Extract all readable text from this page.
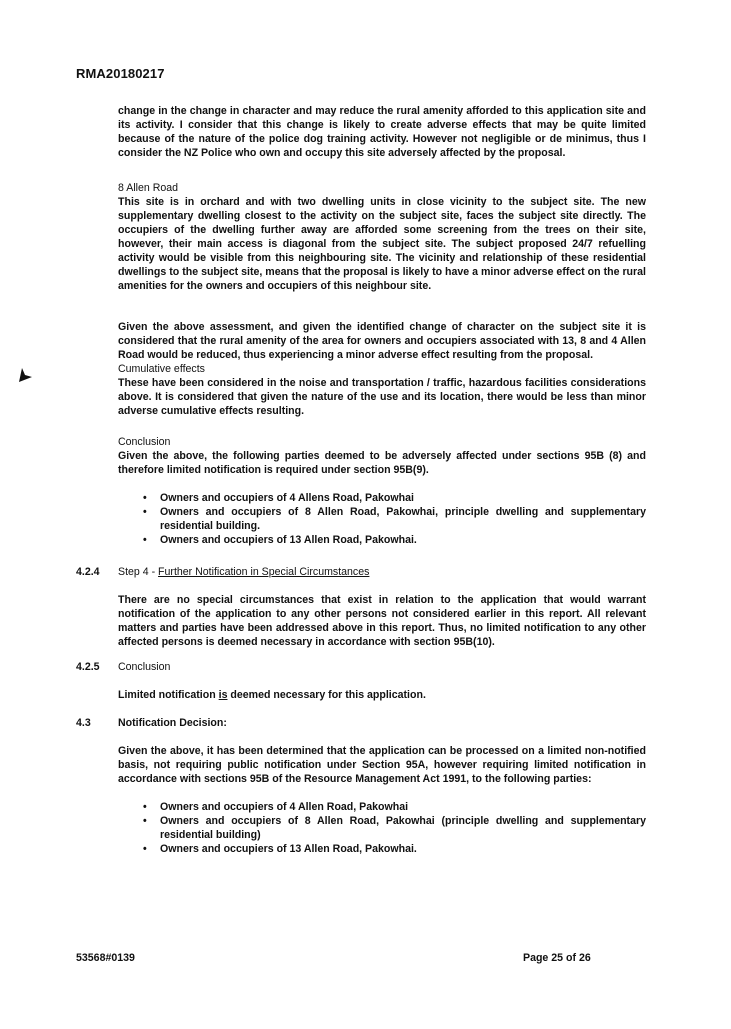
RMA20180217

change in the change in character and may reduce the rural amenity afforded to this application site and its activity. I consider that this change is likely to create adverse effects that may be quite limited because of the nature of the police dog training activity. However not negligible or de minimus, thus I consider the NZ Police who own and occupy this site adversely affected by the proposal.

8 Allen Road

This site is in orchard and with two dwelling units in close vicinity to the subject site. The new supplementary dwelling closest to the activity on the subject site, faces the subject site directly. The occupiers of the dwelling further away are afforded some screening from the trees on their site, however, their main access is diagonal from the subject site. The subject proposed 24/7 refuelling activity would be visible from this neighbouring site. The vicinity and relationship of these residential dwellings to the subject site, means that the proposal is likely to have a minor adverse effect on the rural amenities for the owners and occupiers of this neighbour site.

Given the above assessment, and given the identified change of character on the subject site it is considered that the rural amenity of the area for owners and occupiers associated with 13, 8 and 4 Allen Road would be reduced, thus experiencing a minor adverse effect resulting from the proposal.

Cumulative effects

These have been considered in the noise and transportation / traffic, hazardous facilities considerations above. It is considered that given the nature of the use and its location, there would be less than minor adverse cumulative effects resulting.

Conclusion

Given the above, the following parties deemed to be adversely affected under sections 95B (8) and therefore limited notification is required under section 95B(9).

• Owners and occupiers of 4 Allens Road, Pakowhai
• Owners and occupiers of 8 Allen Road, Pakowhai, principle dwelling and supplementary residential building.
• Owners and occupiers of 13 Allen Road, Pakowhai.
4.2.4 Step 4 - Further Notification in Special Circumstances

There are no special circumstances that exist in relation to the application that would warrant notification of the application to any other persons not considered earlier in this report. All relevant matters and parties have been addressed above in this report. Thus, no limited notification to any other affected persons is deemed necessary in accordance with section 95B(10).

4.2.5 Conclusion

Limited notification is deemed necessary for this application.

4.3	Notification Decision:

Given the above, it has been determined that the application can be processed on a limited non-notified basis, not requiring public notification under Section 95A, however requiring limited notification in accordance with sections 95B of the Resource Management Act 1991, to the following parties:

• Owners and occupiers of 4 Allen Road, Pakowhai
• Owners and occupiers of 8 Allen Road, Pakowhai (principle dwelling and supplementary residential building)
• Owners and occupiers of 13 Allen Road, Pakowhai.
53568#0139	Page 25 of 26
